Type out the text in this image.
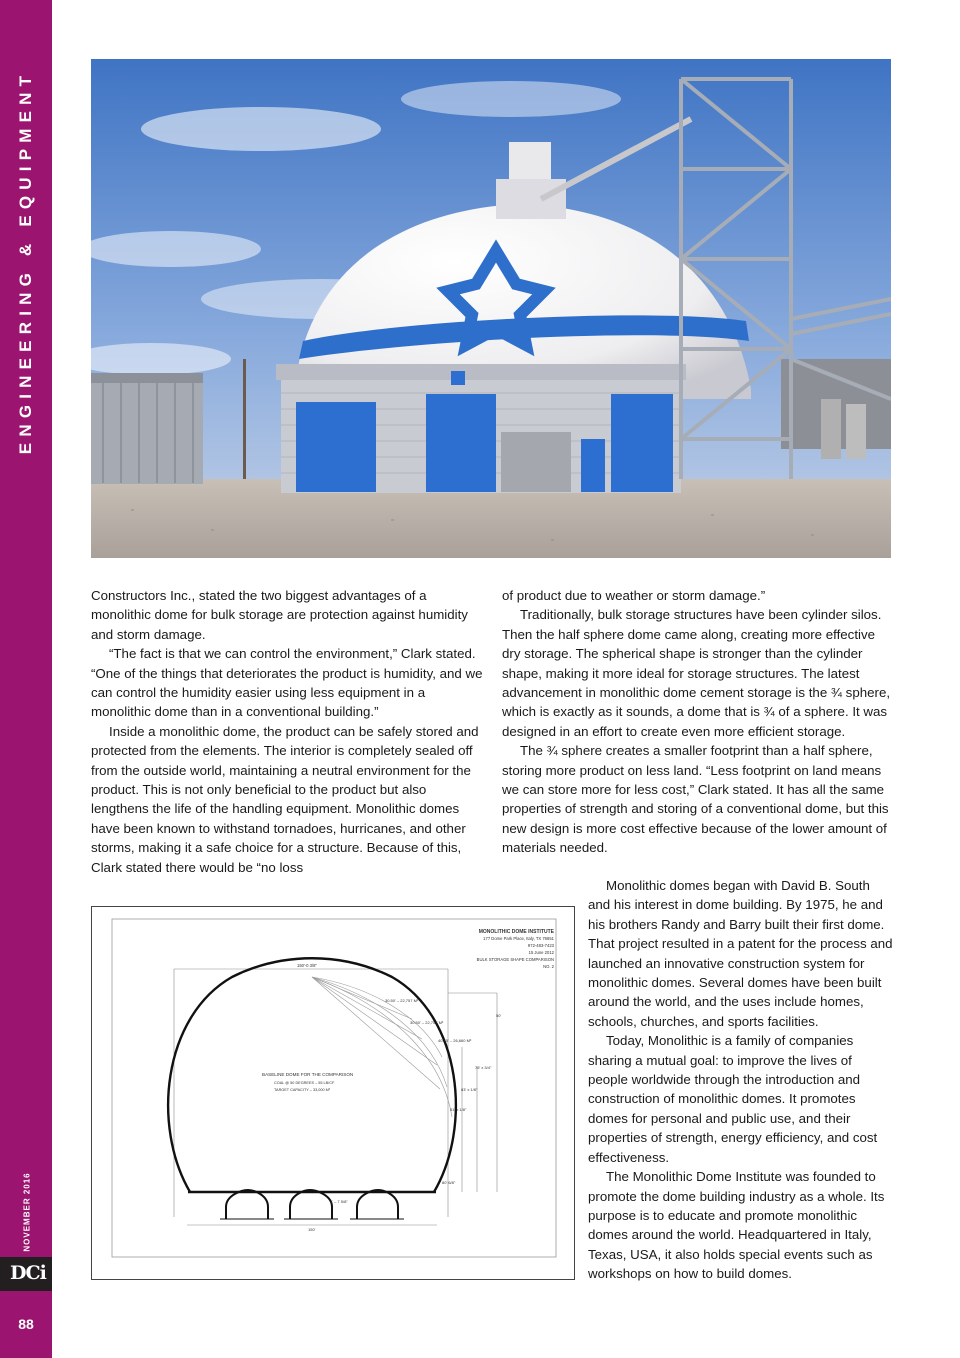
ENGINEERING & EQUIPMENT
NOVEMBER 2016
DCi
88

Constructors Inc., stated the two biggest advantages of a monolithic dome for bulk storage are protection against humidity and storm damage.

“The fact is that we can control the environment,” Clark stated. “One of the things that deteriorates the product is humidity, and we can control the humidity easier using less equipment in a monolithic dome than in a conventional building.”

Inside a monolithic dome, the product can be safely stored and protected from the elements. The interior is completely sealed off from the outside world, maintaining a neutral environment for the product. This is not only beneficial to the product but also lengthens the life of the handling equipment. Monolithic domes have been known to withstand tornadoes, hurricanes, and other storms, making it a safe choice for a structure. Because of this, Clark stated there would be “no loss

of product due to weather or storm damage.”

Traditionally, bulk storage structures have been cylinder silos. Then the half sphere dome came along, creating more effective dry storage. The spherical shape is stronger than the cylinder shape, making it more ideal for storage structures. The latest advancement in monolithic dome cement storage is the ¾ sphere, which is exactly as it sounds, a dome that is ¾ of a sphere. It was designed in an effort to create even more efficient storage.

The ¾ sphere creates a smaller footprint than a half sphere, storing more product on less land. “Less footprint on land means we can store more for less cost,” Clark stated. It has all the same properties of strength and storing of a conventional dome, but this new design is more cost effective because of the lower amount of materials needed.

Monolithic domes began with David B. South and his interest in dome building. By 1975, he and his brothers Randy and Barry built their first dome. That project resulted in a patent for the process and launched an innovative construction system for monolithic domes. Several domes have been built around the world, and the uses include homes, schools, churches, and sports facilities.

Today, Monolithic is a family of companies sharing a mutual goal: to improve the lives of people worldwide through the introduction and construction of monolithic domes. It promotes domes for personal and public use, and their properties of strength, energy efficiency, and cost effectiveness.

The Monolithic Dome Institute was founded to promote the dome building industry as a whole. Its purpose is to educate and promote monolithic domes around the world. Headquartered in Italy, Texas, USA, it also holds special events such as workshops on how to build domes.

MONOLITHIC DOME INSTITUTE
177 Dome Park Place, Italy, TX 76651
972-483-7423
15 June 2012
BULK STORAGE SHAPE COMPARISON
NO. 2
150'-0 3/8"
30.50' – 22,757 M³
30.50' – 22,757 M³
40.75' – 26,660 M³
50'
75' x 3/4"
83' x 1/8"
51' x 1/8"
80' 6/8"
4' – 7 5/8"
150'
BASELINE DOME FOR THE COMPARISON
COAL @ 50 DEGREES – 55 LB/CF
TARGET CAPACITY – 33,000 M³
